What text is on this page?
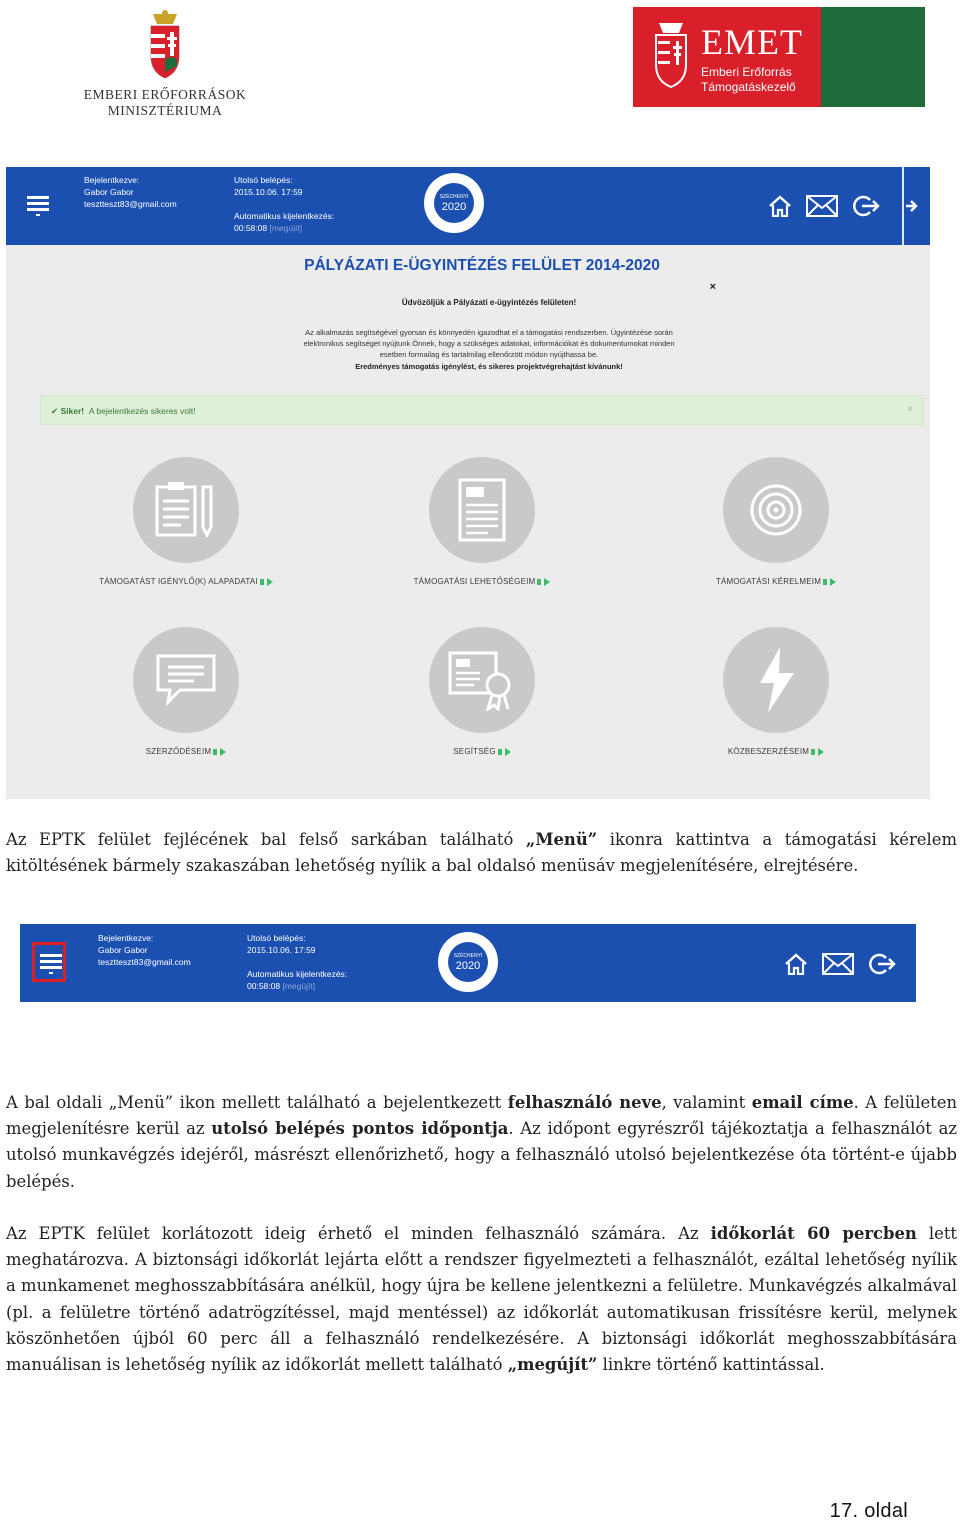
EMBERI ERŐFORRÁSOK
MINISZTÉRIUMA
EMET
Emberi Erőforrás
Támogatáskezelő
Bejelentkezve:
Gabor Gabor
tesztteszt83@gmail.com
Utolsó belépés:
2015.10.06. 17:59
Automatikus kijelentkezés:
00:58:08 [megújít]
SZÉCHENYI
2020
PÁLYÁZATI E-ÜGYINTÉZÉS FELÜLET 2014-2020
×
Üdvözöljük a Pályázati e-ügyintézés felületen!
Az alkalmazás segítségével gyorsan és könnyedén igazodhat el a támogatási rendszerben. Ügyintézése során
elektronikus segítséget nyújtunk Önnek, hogy a szükséges adatokat, információkat és dokumentumokat minden
esetben formailag és tartalmilag ellenőrzött módon nyújthassa be.
Eredményes támogatás igénylést, és sikeres projektvégrehajtást kívánunk!
✔ Siker! A bejelentkezés sikeres volt!	×
TÁMOGATÁST IGÉNYLŐ(K) ALAPADATAI	TÁMOGATÁSI LEHETŐSÉGEIM	TÁMOGATÁSI KÉRELMEIM
SZERZŐDÉSEIM	SEGÍTSÉG	KÖZBESZERZÉSEIM
Az EPTK felület fejlécének bal felső sarkában található „Menü” ikonra kattintva a támogatási kérelem kitöltésének bármely szakaszában lehetőség nyílik a bal oldalsó menüsáv megjelenítésére, elrejtésére.
Bejelentkezve:
Gabor Gabor
tesztteszt83@gmail.com
Utolsó belépés:
2015.10.06. 17:59
Automatikus kijelentkezés:
00:58:08 [megújít]
SZÉCHENYI
2020
A bal oldali „Menü” ikon mellett található a bejelentkezett felhasználó neve, valamint email címe. A felületen megjelenítésre kerül az utolsó belépés pontos időpontja. Az időpont egyrészről tájékoztatja a felhasználót az utolsó munkavégzés idejéről, másrészt ellenőrizhető, hogy a felhasználó utolsó bejelentkezése óta történt-e újabb belépés.
Az EPTK felület korlátozott ideig érhető el minden felhasználó számára. Az időkorlát 60 percben lett meghatározva. A biztonsági időkorlát lejárta előtt a rendszer figyelmezteti a felhasználót, ezáltal lehetőség nyílik a munkamenet meghosszabbítására anélkül, hogy újra be kellene jelentkezni a felületre. Munkavégzés alkalmával (pl. a felületre történő adatrögzítéssel, majd mentéssel) az időkorlát automatikusan frissítésre kerül, melynek köszönhetően újból 60 perc áll a felhasználó rendelkezésére. A biztonsági időkorlát meghosszabbítására manuálisan is lehetőség nyílik az időkorlát mellett található „megújít” linkre történő kattintással.
17. oldal
